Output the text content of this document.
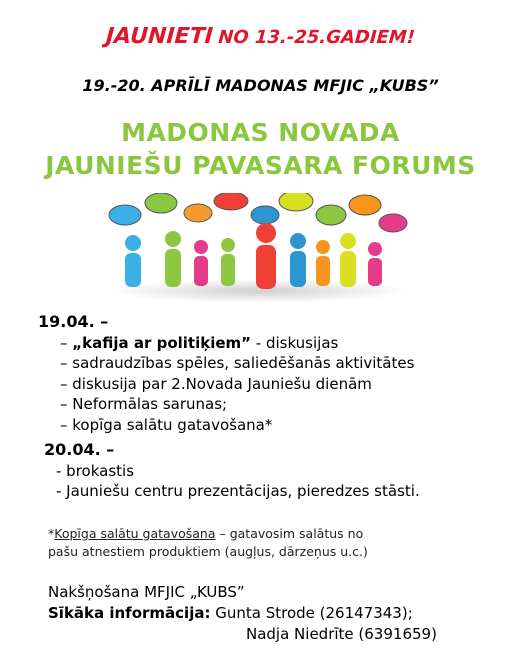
JAUNIETI NO 13.-25.GADIEM!
19.-20. APRĪLĪ MADONAS MFJIC „KUBS”
MADONAS NOVADA
JAUNIEŠU PAVASARA FORUMS
19.04. –
– „kafija ar politiķiem” - diskusijas
– sadraudzības spēles, saliedēšanās aktivitātes
– diskusija par 2.Novada Jauniešu dienām
– Neformālas sarunas;
– kopīga salātu gatavošana*
20.04. –
- brokastis
- Jauniešu centru prezentācijas, pieredzes stāsti.
*Kopīga salātu gatavošana – gatavosim salātus no
pašu atnestiem produktiem (augļus, dārzeņus u.c.)
Nakšņošana MFJIC „KUBS”
Sīkāka informācija: Gunta Strode (26147343);
Nadja Niedrīte (6391659)
